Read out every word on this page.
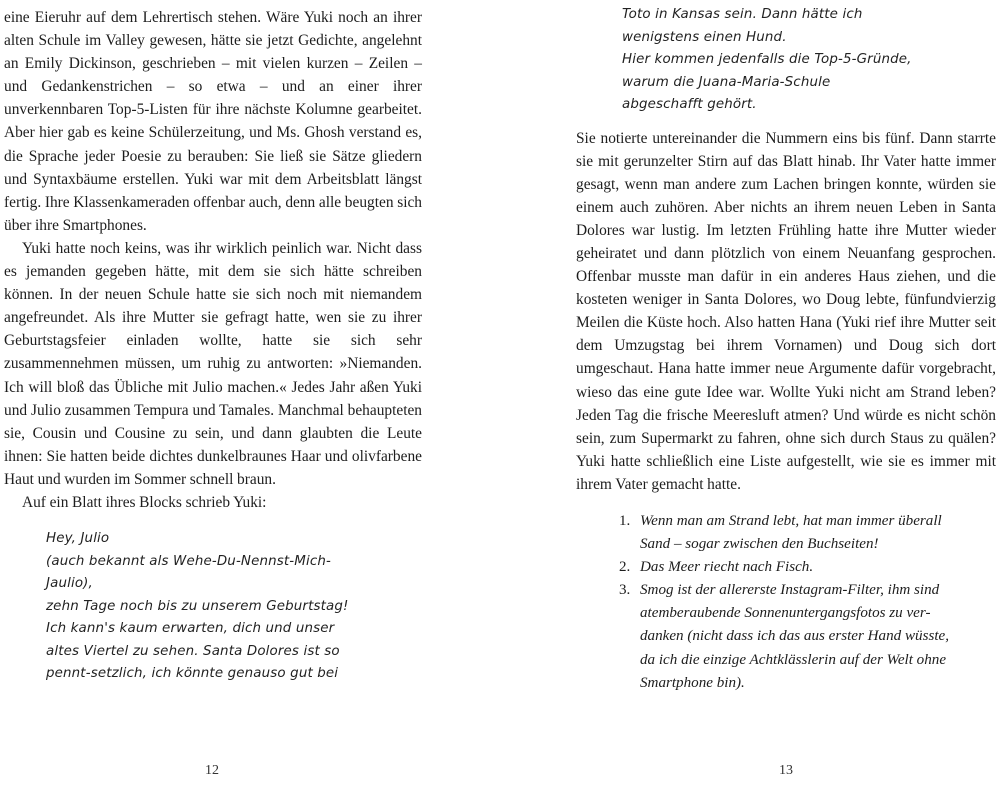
eine Eieruhr auf dem Lehrertisch stehen. Wäre Yuki noch an ihrer alten Schule im Valley gewesen, hätte sie jetzt Gedichte, angelehnt an Emily Dickinson, geschrieben – mit vielen kurzen – Zeilen – und Gedankenstrichen – so etwa – und an einer ihrer unverkennbaren Top-5-Listen für ihre nächste Kolumne gearbeitet. Aber hier gab es keine Schülerzeitung, und Ms. Ghosh verstand es, die Sprache jeder Poesie zu berauben: Sie ließ sie Sätze gliedern und Syntaxbäume erstellen. Yuki war mit dem Arbeitsblatt längst fertig. Ihre Klassenkameraden offenbar auch, denn alle beugten sich über ihre Smartphones.

Yuki hatte noch keins, was ihr wirklich peinlich war. Nicht dass es jemanden gegeben hätte, mit dem sie sich hätte schreiben können. In der neuen Schule hatte sie sich noch mit niemandem angefreundet. Als ihre Mutter sie gefragt hatte, wen sie zu ihrer Geburtstagsfeier einladen wollte, hatte sie sich sehr zusammennehmen müssen, um ruhig zu antworten: »Niemanden. Ich will bloß das Übliche mit Julio machen.« Jedes Jahr aßen Yuki und Julio zusammen Tempura und Tamales. Manchmal behaupteten sie, Cousin und Cousine zu sein, und dann glaubten die Leute ihnen: Sie hatten beide dichtes dunkelbraunes Haar und olivfarbene Haut und wurden im Sommer schnell braun.

Auf ein Blatt ihres Blocks schrieb Yuki:

Hey, Julio
(auch bekannt als Wehe-Du-Nennst-Mich-
Jaulio),
zehn Tage noch bis zu unserem Geburtstag!
Ich kann's kaum erwarten, dich und unser
altes Viertel zu sehen. Santa Dolores ist so
pennt-setzlich, ich könnte genauso gut bei
12
Toto in Kansas sein. Dann hätte ich
wenigstens einen Hund.
Hier kommen jedenfalls die Top-5-Gründe,
warum die Juana-Maria-Schule
abgeschafft gehört.

Sie notierte untereinander die Nummern eins bis fünf. Dann starrte sie mit gerunzelter Stirn auf das Blatt hinab. Ihr Vater hatte immer gesagt, wenn man andere zum Lachen bringen konnte, würden sie einem auch zuhören. Aber nichts an ihrem neuen Leben in Santa Dolores war lustig. Im letzten Frühling hatte ihre Mutter wieder geheiratet und dann plötzlich von einem Neuanfang gesprochen. Offenbar musste man dafür in ein anderes Haus ziehen, und die kosteten weniger in Santa Dolores, wo Doug lebte, fünfundvierzig Meilen die Küste hoch. Also hatten Hana (Yuki rief ihre Mutter seit dem Umzugstag bei ihrem Vornamen) und Doug sich dort umgeschaut. Hana hatte immer neue Argumente dafür vorgebracht, wieso das eine gute Idee war. Wollte Yuki nicht am Strand leben? Jeden Tag die frische Meeresluft atmen? Und würde es nicht schön sein, zum Supermarkt zu fahren, ohne sich durch Staus zu quälen? Yuki hatte schließlich eine Liste aufgestellt, wie sie es immer mit ihrem Vater gemacht hatte.

1. Wenn man am Strand lebt, hat man immer überall
Sand – sogar zwischen den Buchseiten!
2. Das Meer riecht nach Fisch.
3. Smog ist der allererste Instagram-Filter, ihm sind
atemberaubende Sonnenuntergangsfotos zu ver-
danken (nicht dass ich das aus erster Hand wüsste,
da ich die einzige Achtklässlerin auf der Welt ohne
Smartphone bin).
13
